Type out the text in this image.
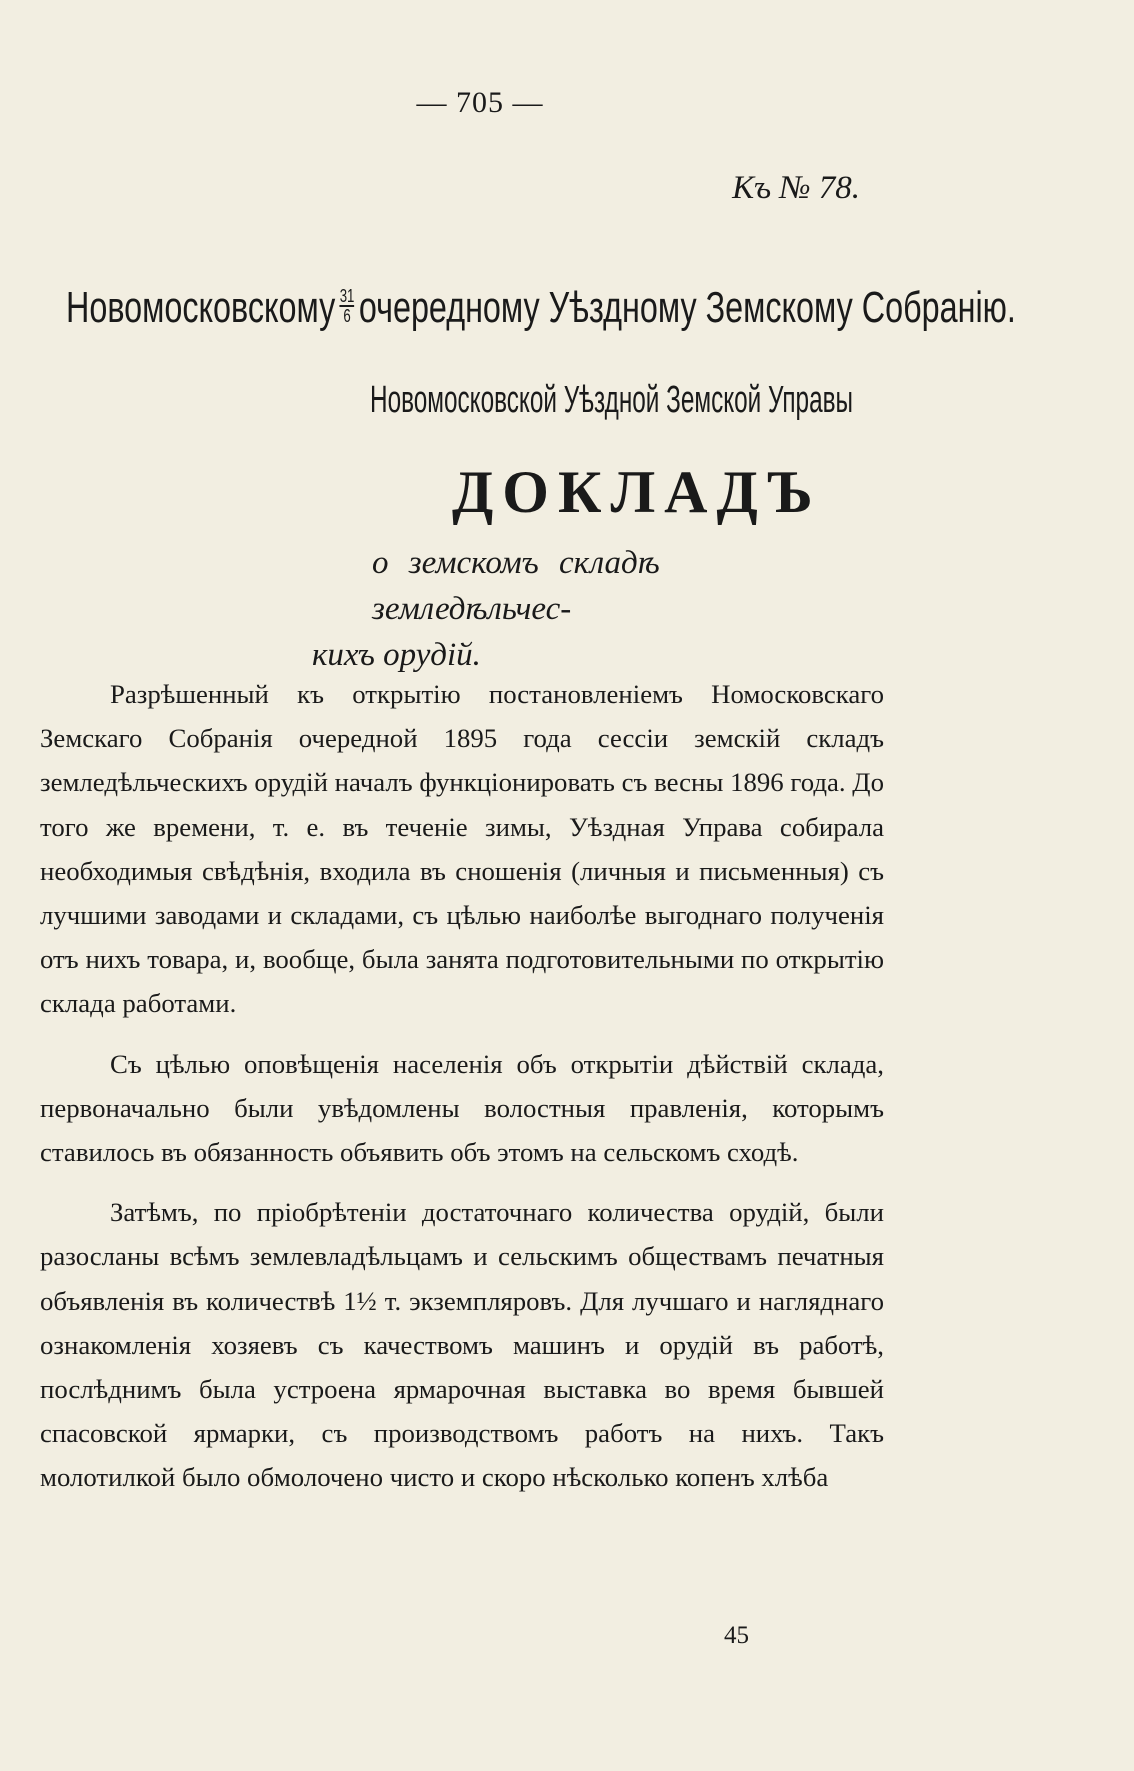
— 705 —
Къ № 78.
Новомосковскому $\frac{31}{6}$ очередному Уѣздному Земскому Собранію.
Новомосковской Уѣздной Земской Управы
ДОКЛАДЪ
о земскомъ складѣ земледѣльчес-
кихъ орудій.

Разрѣшенный къ открытію постановленіемъ Номосковскаго Земскаго Собранія очередной 1895 года сессіи земскій складъ земледѣльческихъ орудій началъ функціонировать съ весны 1896 года. До того же времени, т. е. въ теченіе зимы, Уѣздная Управа собирала необходимыя свѣдѣнія, входила въ сношенія (личныя и письменныя) съ лучшими заводами и складами, съ цѣлью наиболѣе выгоднаго полученія отъ нихъ товара, и, вообще, была занята подготовительными по открытію склада работами.

Съ цѣлью оповѣщенія населенія объ открытіи дѣйствій склада, первоначально были увѣдомлены волостныя правленія, которымъ ставилось въ обязанность объявить объ этомъ на сельскомъ сходѣ.

Затѣмъ, по пріобрѣтеніи достаточнаго количества орудій, были разосланы всѣмъ землевладѣльцамъ и сельскимъ обществамъ печатныя объявленія въ количествѣ 1½ т. экземпляровъ. Для лучшаго и нагляднаго ознакомленія хозяевъ съ качествомъ машинъ и орудій въ работѣ, послѣднимъ была устроена ярмарочная выставка во время бывшей спасовской ярмарки, съ производствомъ работъ на нихъ. Такъ молотилкой было обмолочено чисто и скоро нѣсколько копенъ хлѣба

45
